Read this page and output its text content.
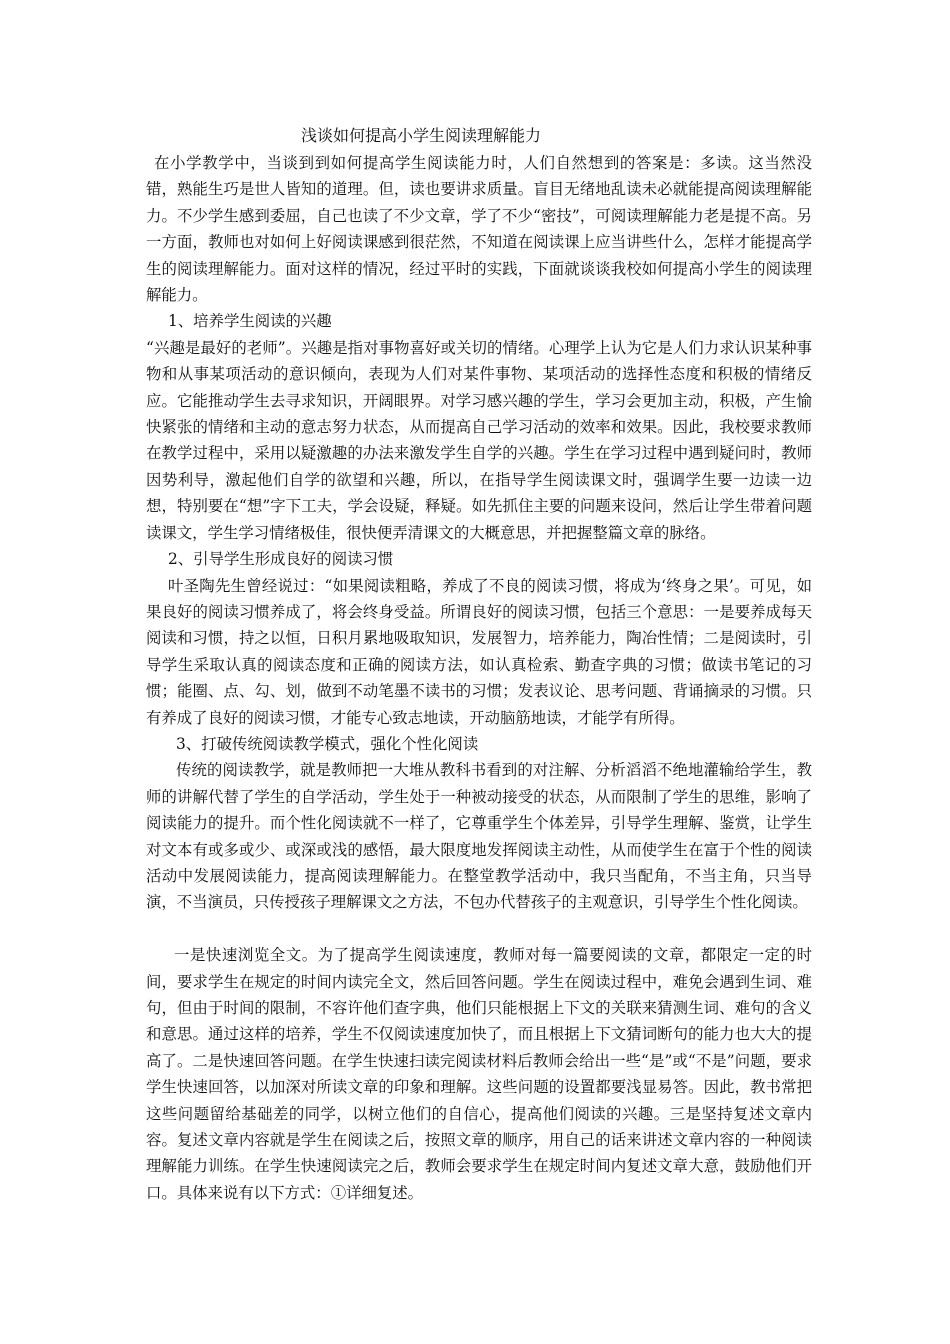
浅谈如何提高小学生阅读理解能力

在小学教学中，当谈到到如何提高学生阅读能力时，人们自然想到的答案是：多读。这当然没错，熟能生巧是世人皆知的道理。但，读也要讲求质量。盲目无绪地乱读未必就能提高阅读理解能力。不少学生感到委屈，自己也读了不少文章，学了不少“密技”，可阅读理解能力老是提不高。另一方面，教师也对如何上好阅读课感到很茫然，不知道在阅读课上应当讲些什么，怎样才能提高学生的阅读理解能力。面对这样的情况，经过平时的实践，下面就谈谈我校如何提高小学生的阅读理解能力。

1、培养学生阅读的兴趣

“兴趣是最好的老师”。兴趣是指对事物喜好或关切的情绪。心理学上认为它是人们力求认识某种事物和从事某项活动的意识倾向，表现为人们对某件事物、某项活动的选择性态度和积极的情绪反应。它能推动学生去寻求知识，开阔眼界。对学习感兴趣的学生，学习会更加主动，积极，产生愉快紧张的情绪和主动的意志努力状态，从而提高自己学习活动的效率和效果。因此，我校要求教师在教学过程中，采用以疑激趣的办法来激发学生自学的兴趣。学生在学习过程中遇到疑问时，教师因势利导，激起他们自学的欲望和兴趣，所以，在指导学生阅读课文时，强调学生要一边读一边想，特别要在“想”字下工夫，学会设疑，释疑。如先抓住主要的问题来设问，然后让学生带着问题读课文，学生学习情绪极佳，很快便弄清课文的大概意思，并把握整篇文章的脉络。

2、引导学生形成良好的阅读习惯

叶圣陶先生曾经说过：“如果阅读粗略，养成了不良的阅读习惯，将成为‘终身之果’。可见，如果良好的阅读习惯养成了，将会终身受益。所谓良好的阅读习惯，包括三个意思：一是要养成每天阅读和习惯，持之以恒，日积月累地吸取知识，发展智力，培养能力，陶冶性情；二是阅读时，引导学生采取认真的阅读态度和正确的阅读方法，如认真检索、勤查字典的习惯；做读书笔记的习惯；能圈、点、勾、划，做到不动笔墨不读书的习惯；发表议论、思考问题、背诵摘录的习惯。只有养成了良好的阅读习惯，才能专心致志地读，开动脑筋地读，才能学有所得。

3、打破传统阅读教学模式，强化个性化阅读

传统的阅读教学，就是教师把一大堆从教科书看到的对注解、分析滔滔不绝地灌输给学生，教师的讲解代替了学生的自学活动，学生处于一种被动接受的状态，从而限制了学生的思维，影响了阅读能力的提升。而个性化阅读就不一样了，它尊重学生个体差异，引导学生理解、鉴赏，让学生对文本有或多或少、或深或浅的感悟，最大限度地发挥阅读主动性，从而使学生在富于个性的阅读活动中发展阅读能力，提高阅读理解能力。在整堂教学活动中，我只当配角，不当主角，只当导演，不当演员，只传授孩子理解课文之方法，不包办代替孩子的主观意识，引导学生个性化阅读。

一是快速浏览全文。为了提高学生阅读速度，教师对每一篇要阅读的文章，都限定一定的时间，要求学生在规定的时间内读完全文，然后回答问题。学生在阅读过程中，难免会遇到生词、难句，但由于时间的限制，不容许他们查字典，他们只能根据上下文的关联来猜测生词、难句的含义和意思。通过这样的培养，学生不仅阅读速度加快了，而且根据上下文猜词断句的能力也大大的提高了。二是快速回答问题。在学生快速扫读完阅读材料后教师会给出一些“是”或“不是”问题，要求学生快速回答，以加深对所读文章的印象和理解。这些问题的设置都要浅显易答。因此，教书常把这些问题留给基础差的同学，以树立他们的自信心，提高他们阅读的兴趣。三是坚持复述文章内容。复述文章内容就是学生在阅读之后，按照文章的顺序，用自己的话来讲述文章内容的一种阅读理解能力训练。在学生快速阅读完之后，教师会要求学生在规定时间内复述文章大意，鼓励他们开口。具体来说有以下方式：①详细复述。
